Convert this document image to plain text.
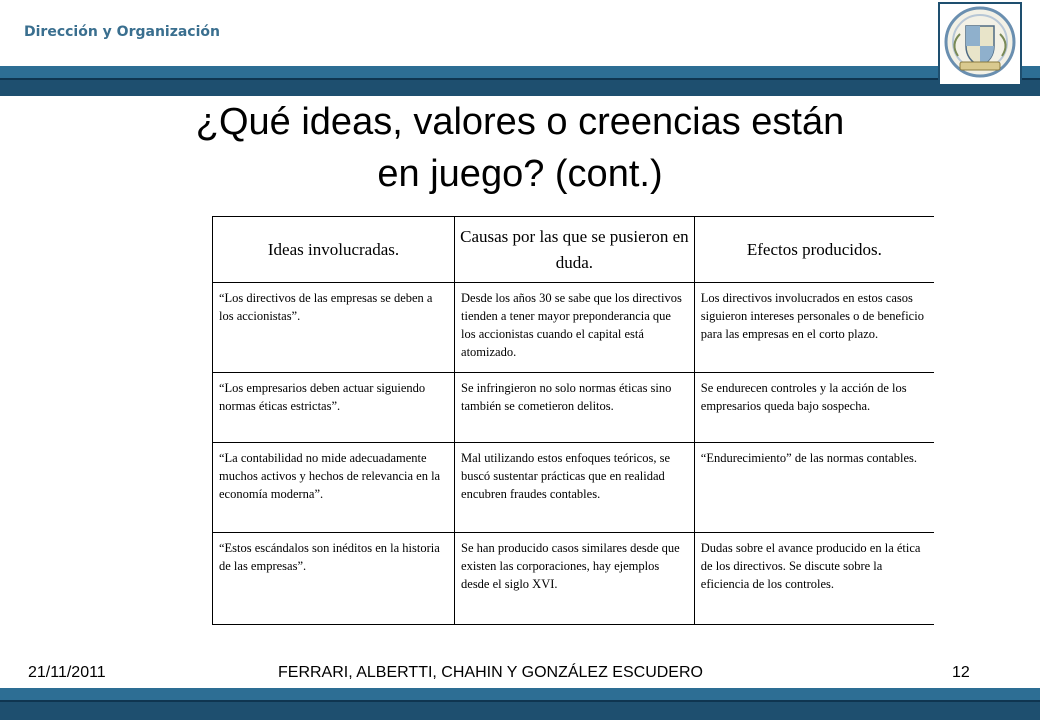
Dirección y Organización
¿Qué ideas, valores o creencias están
en juego? (cont.)
Ideas involucradas.	Causas por las que se pusieron en duda.	Efectos producidos.
“Los directivos de las empresas se deben a los accionistas”.	Desde los años 30 se sabe que los directivos tienden a tener mayor preponderancia que los accionistas cuando el capital está atomizado.	Los directivos involucrados en estos casos siguieron intereses personales o de beneficio para las empresas en el corto plazo.
“Los empresarios deben actuar siguiendo normas éticas estrictas”.	Se infringieron no solo normas éticas sino también se cometieron delitos.	Se endurecen controles y la acción de los empresarios queda bajo sospecha.
“La contabilidad no mide adecuadamente muchos activos y hechos de relevancia en la economía moderna”.	Mal utilizando estos enfoques teóricos, se buscó sustentar prácticas que en realidad encubren fraudes contables.	“Endurecimiento” de las normas contables.
“Estos escándalos son inéditos en la historia de las empresas”.	Se han producido casos similares desde que existen las corporaciones, hay ejemplos desde el siglo XVI.	Dudas sobre el avance producido en la ética de los directivos. Se discute sobre la eficiencia de los controles.
21/11/2011	FERRARI, ALBERTTI, CHAHIN Y GONZÁLEZ ESCUDERO	12
